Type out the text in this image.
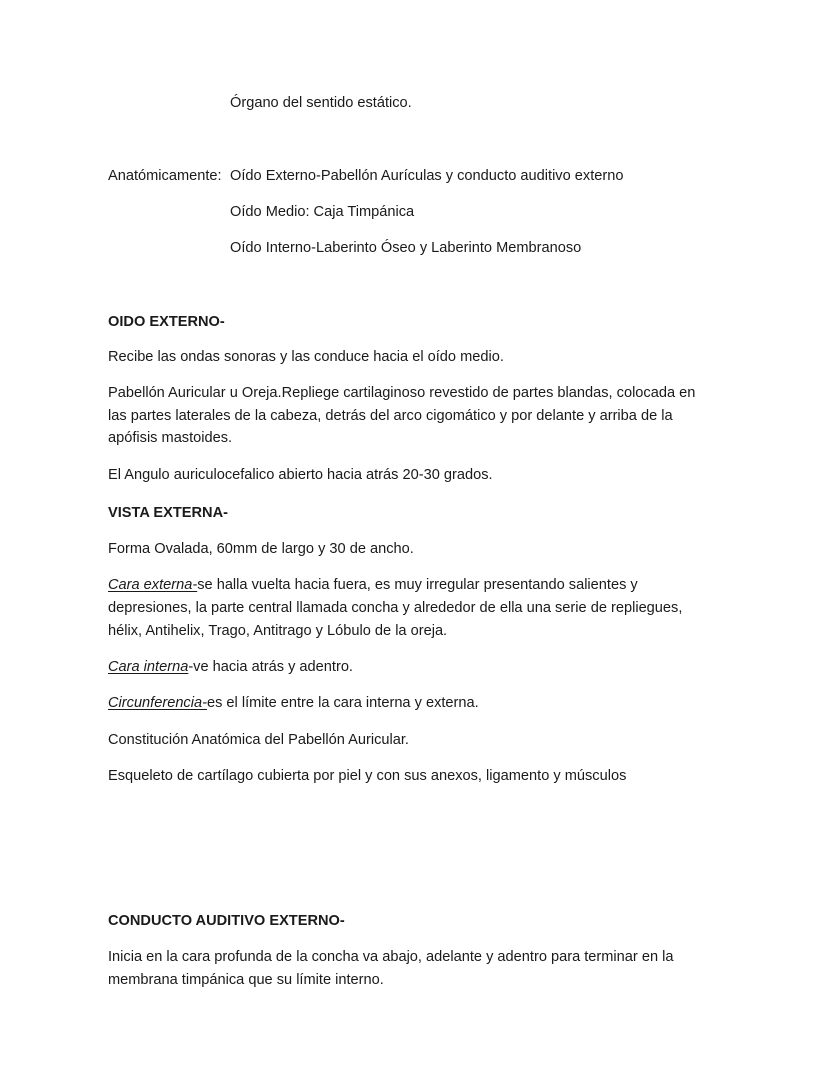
Órgano del sentido estático.
Anatómicamente: Oído Externo-Pabellón Aurículas y conducto auditivo externo
Oído Medio: Caja Timpánica
Oído Interno-Laberinto Óseo y Laberinto Membranoso
OIDO EXTERNO-
Recibe las ondas sonoras y las conduce hacia el oído medio.
Pabellón Auricular u Oreja.Repliege cartilaginoso revestido de partes blandas, colocada en
las partes laterales de la cabeza, detrás del arco cigomático y por delante y arriba de la
apófisis mastoides.
El Angulo auriculocefalico abierto hacia atrás 20-30 grados.
VISTA EXTERNA-
Forma Ovalada, 60mm de largo y 30 de ancho.
Cara externa-se halla vuelta hacia fuera, es muy irregular presentando salientes y
depresiones, la parte central llamada concha y alrededor de ella una serie de repliegues,
hélix, Antihelix, Trago, Antitrago y Lóbulo de la oreja.
Cara interna-ve hacia atrás y adentro.
Circunferencia-es el límite entre la cara interna y externa.
Constitución Anatómica del Pabellón Auricular.
Esqueleto de cartílago cubierta por piel y con sus anexos, ligamento y músculos
CONDUCTO AUDITIVO EXTERNO-
Inicia en la cara profunda de la concha va abajo, adelante y adentro para terminar en la
membrana timpánica que su límite interno.
